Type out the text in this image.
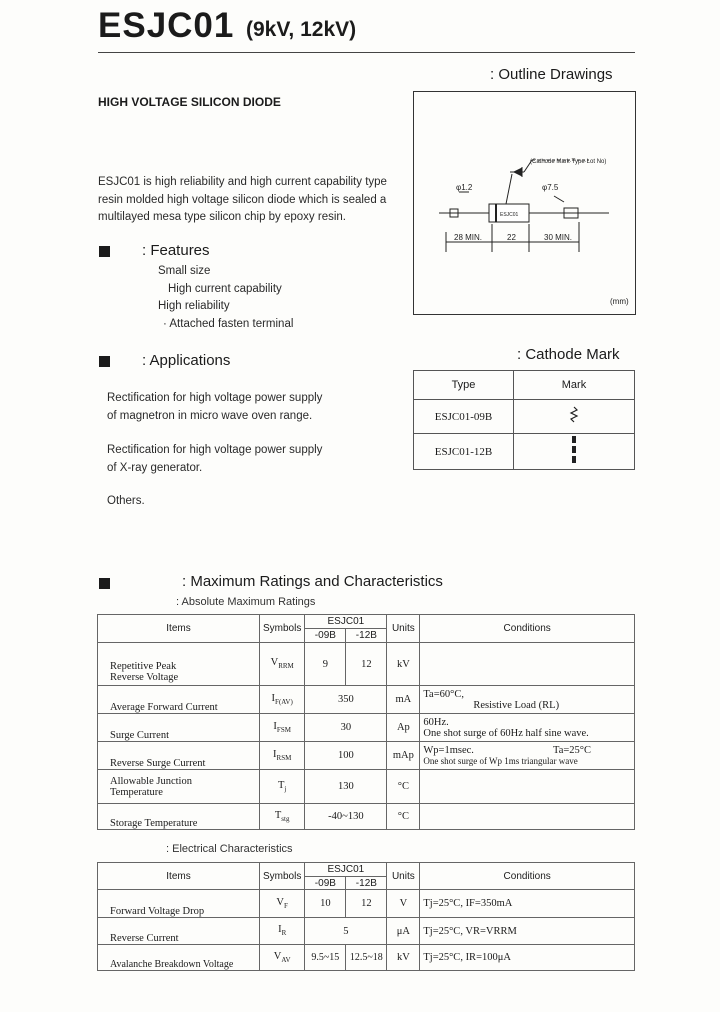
ESJC01 (9kV, 12kV)
HIGH VOLTAGE SILICON DIODE
: Outline Drawings
(Cathode Mark·Type·Lot No)
φ1.2	φ7.5
ESJC01
28 MIN.	22	30 MIN.
(mm)
ESJC01 is high reliability and high current capability type
resin molded high voltage silicon diode which is sealed a
multilayed mesa type silicon chip by epoxy resin.
: Features
Small size
High current capability
High reliability
· Attached fasten terminal
: Applications
Rectification for high voltage power supply
of magnetron in micro wave oven range.
Rectification for high voltage power supply
of X-ray generator.
Others.
: Cathode Mark
Type	Mark
ESJC01-09B	
ESJC01-12B	
: Maximum Ratings and Characteristics
: Absolute Maximum Ratings
Items	Symbols	ESJC01		Units	Conditions
		-09B	-12B		

Repetitive Peak
Reverse Voltage	$V_{RRM}$	9	12	kV	
Average Forward Current	$I_{F(AV)}$	350		mA	Ta=60°C,
Resistive Load (RL)

Surge Current	$I_{FSM}$	30		Ap	60Hz.
One shot surge of 60Hz half sine wave.

Reverse Surge Current	$I_{RSM}$	100		mAp	Wp=1msec. Ta=25°C
One shot surge of Wp 1ms triangular wave

Allowable Junction
Temperature	$T_j$	130		°C	
Storage Temperature	$T_{stg}$	-40~130		°C	
: Electrical Characteristics
Items	Symbols	ESJC01		Units	Conditions
		-09B	-12B		
Forward Voltage Drop	$V_F$	10	12	V	Tj=25°C, IF=350mA
Reverse Current	$I_R$	5		μA	Tj=25°C, VR=VRRM
Avalanche Breakdown Voltage	$V_{AV}$	9.5~15	12.5~18	kV	Tj=25°C, IR=100μA
